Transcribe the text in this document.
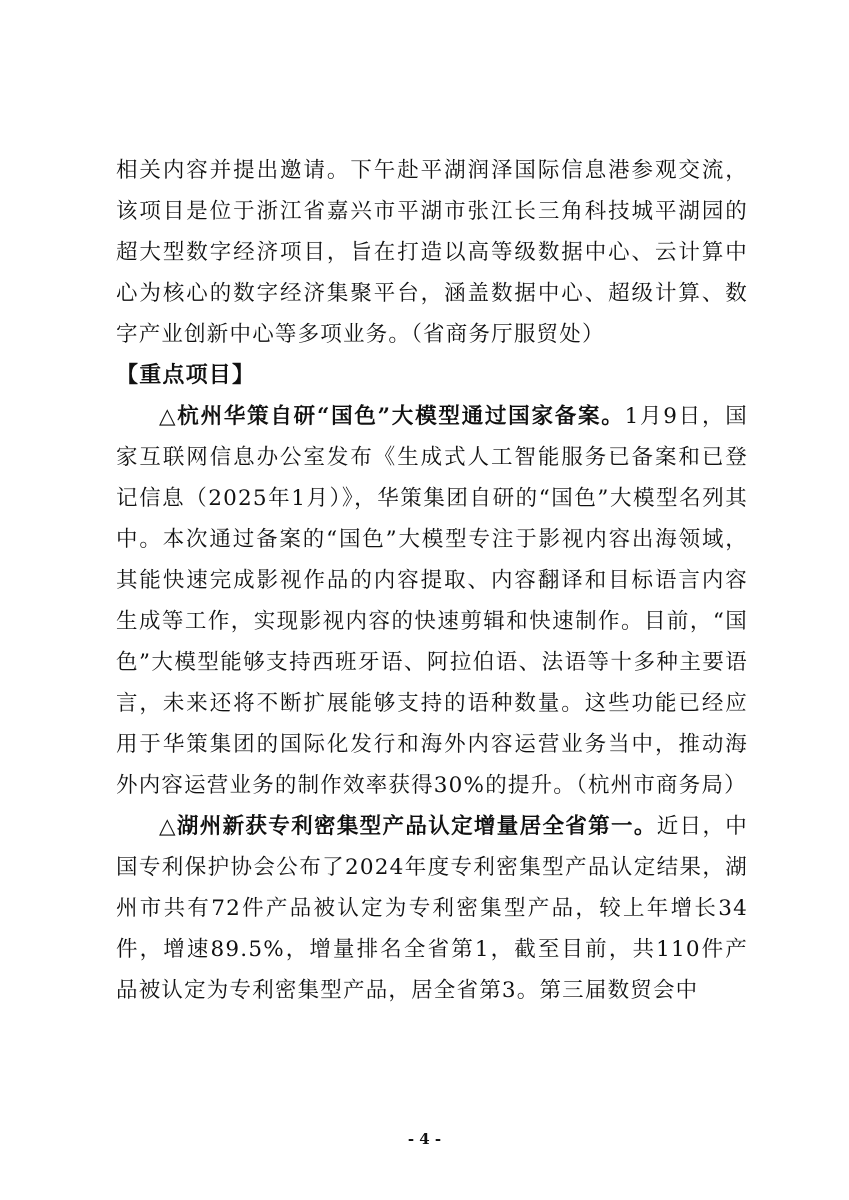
相关内容并提出邀请。下午赴平湖润泽国际信息港参观交流，该项目是位于浙江省嘉兴市平湖市张江长三角科技城平湖园的超大型数字经济项目，旨在打造以高等级数据中心、云计算中心为核心的数字经济集聚平台，涵盖数据中心、超级计算、数字产业创新中心等多项业务。（省商务厅服贸处）

【重点项目】

△杭州华策自研“国色”大模型通过国家备案。1月9日，国家互联网信息办公室发布《生成式人工智能服务已备案和已登记信息（2025年1月）》，华策集团自研的“国色”大模型名列其中。本次通过备案的“国色”大模型专注于影视内容出海领域，其能快速完成影视作品的内容提取、内容翻译和目标语言内容生成等工作，实现影视内容的快速剪辑和快速制作。目前，“国色”大模型能够支持西班牙语、阿拉伯语、法语等十多种主要语言，未来还将不断扩展能够支持的语种数量。这些功能已经应用于华策集团的国际化发行和海外内容运营业务当中，推动海外内容运营业务的制作效率获得30%的提升。（杭州市商务局）

△湖州新获专利密集型产品认定增量居全省第一。近日，中国专利保护协会公布了2024年度专利密集型产品认定结果，湖州市共有72件产品被认定为专利密集型产品，较上年增长34件，增速89.5%，增量排名全省第1，截至目前，共110件产品被认定为专利密集型产品，居全省第3。第三届数贸会中

- 4 -
